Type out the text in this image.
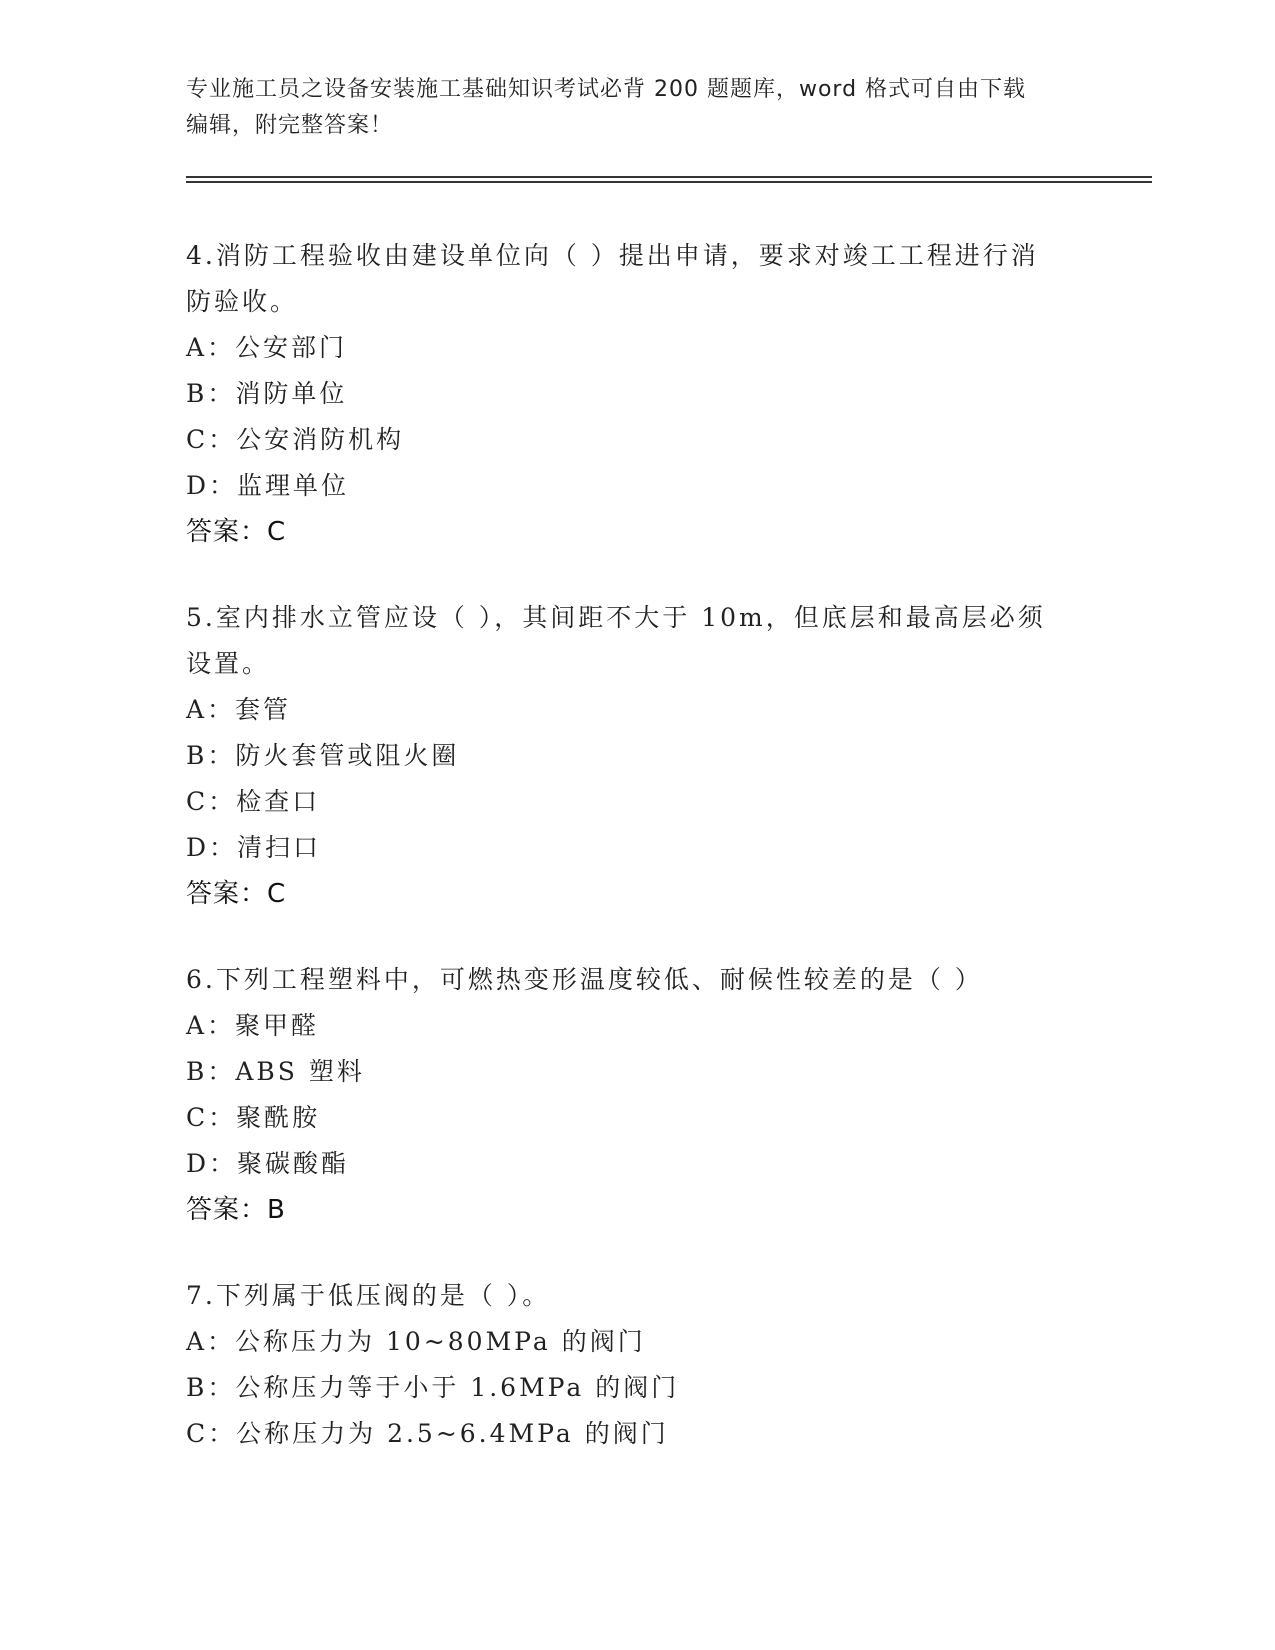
专业施工员之设备安装施工基础知识考试必背 200 题题库，word 格式可自由下载
编辑，附完整答案！
4.消防工程验收由建设单位向（ ）提出申请，要求对竣工工程进行消
防验收。
A：公安部门
B：消防单位
C：公安消防机构
D：监理单位
答案：C
5.室内排水立管应设（ ），其间距不大于 10m，但底层和最高层必须
设置。
A：套管
B：防火套管或阻火圈
C：检查口
D：清扫口
答案：C
6.下列工程塑料中，可燃热变形温度较低、耐候性较差的是（ ）
A：聚甲醛
B：ABS 塑料
C：聚酰胺
D：聚碳酸酯
答案：B
7.下列属于低压阀的是（ ）。
A：公称压力为 10~80MPa 的阀门
B：公称压力等于小于 1.6MPa 的阀门
C：公称压力为 2.5~6.4MPa 的阀门
